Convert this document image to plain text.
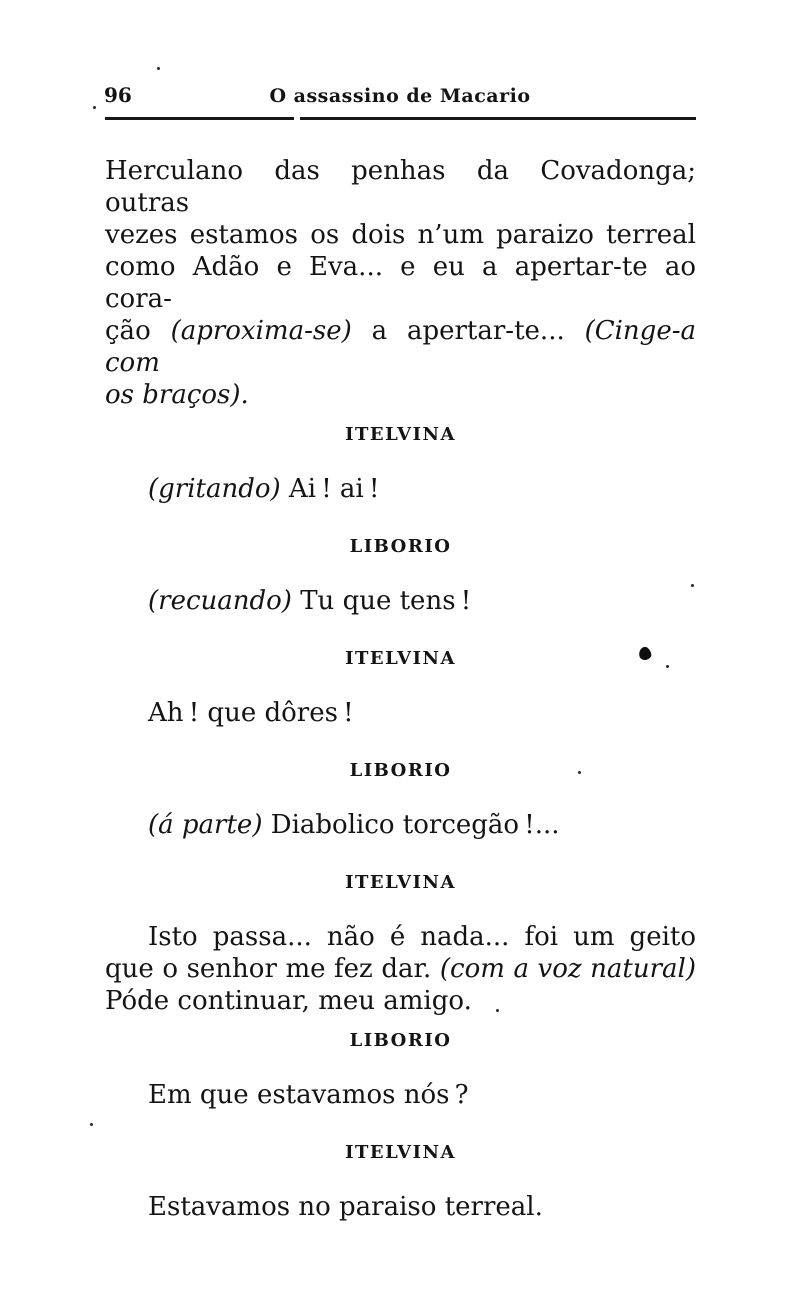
96	O assassino de Macario
Herculano das penhas da Covadonga; outras
vezes estamos os dois n’um paraizo terreal
como Adão e Eva... e eu a apertar-te ao cora-
ção (aproxima-se) a apertar-te... (Cinge-a com
os braços).
ITELVINA
(gritando) Ai ! ai !
LIBORIO
(recuando) Tu que tens !
ITELVINA
Ah ! que dôres !
LIBORIO
(á parte) Diabolico torcegão !...
ITELVINA
Isto passa... não é nada... foi um geito
que o senhor me fez dar. (com a voz natural)
Póde continuar, meu amigo.
LIBORIO
Em que estavamos nós ?
ITELVINA
Estavamos no paraiso terreal.
